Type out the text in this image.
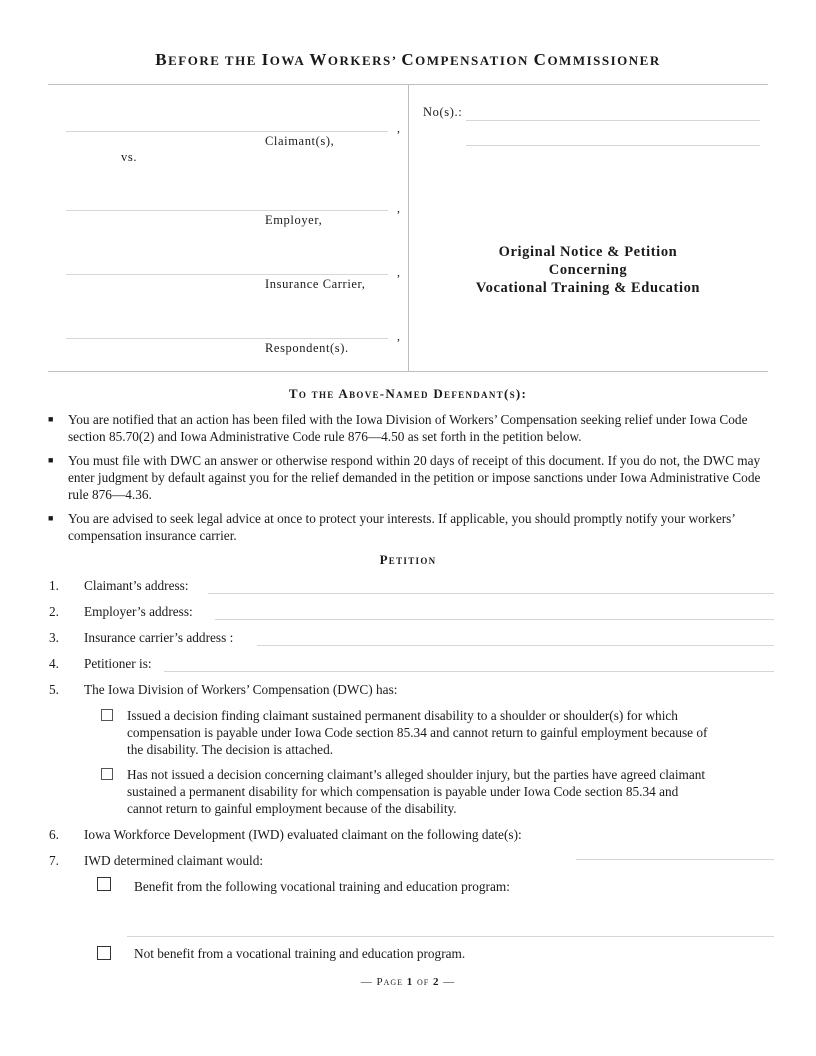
BEFORE THE IOWA WORKERS’ COMPENSATION COMMISSIONER
,
Claimant(s),
vs.
,
Employer,
,
Insurance Carrier,
,
Respondent(s).
No(s).:
Original Notice & Petition
Concerning
Vocational Training & Education
To the Above-Named Defendant(s):
■ You are notified that an action has been filed with the Iowa Division of Workers’ Compensation seeking relief under Iowa Code section 85.70(2) and Iowa Administrative Code rule 876—4.50 as set forth in the petition below.
■ You must file with DWC an answer or otherwise respond within 20 days of receipt of this document. If you do not, the DWC may enter judgment by default against you for the relief demanded in the petition or impose sanctions under Iowa Administrative Code rule 876—4.36.
■ You are advised to seek legal advice at once to protect your interests. If applicable, you should promptly notify your workers’ compensation insurance carrier.
Petition
1. Claimant’s address:
2. Employer’s address:
3. Insurance carrier’s address :
4. Petitioner is:
5. The Iowa Division of Workers’ Compensation (DWC) has:
Issued a decision finding claimant sustained permanent disability to a shoulder or shoulder(s) for which compensation is payable under Iowa Code section 85.34 and cannot return to gainful employment because of the disability. The decision is attached.
Has not issued a decision concerning claimant’s alleged shoulder injury, but the parties have agreed claimant sustained a permanent disability for which compensation is payable under Iowa Code section 85.34 and cannot return to gainful employment because of the disability.
6. Iowa Workforce Development (IWD) evaluated claimant on the following date(s):
7. IWD determined claimant would:
Benefit from the following vocational training and education program:
Not benefit from a vocational training and education program.
— Page 1 of 2 —
